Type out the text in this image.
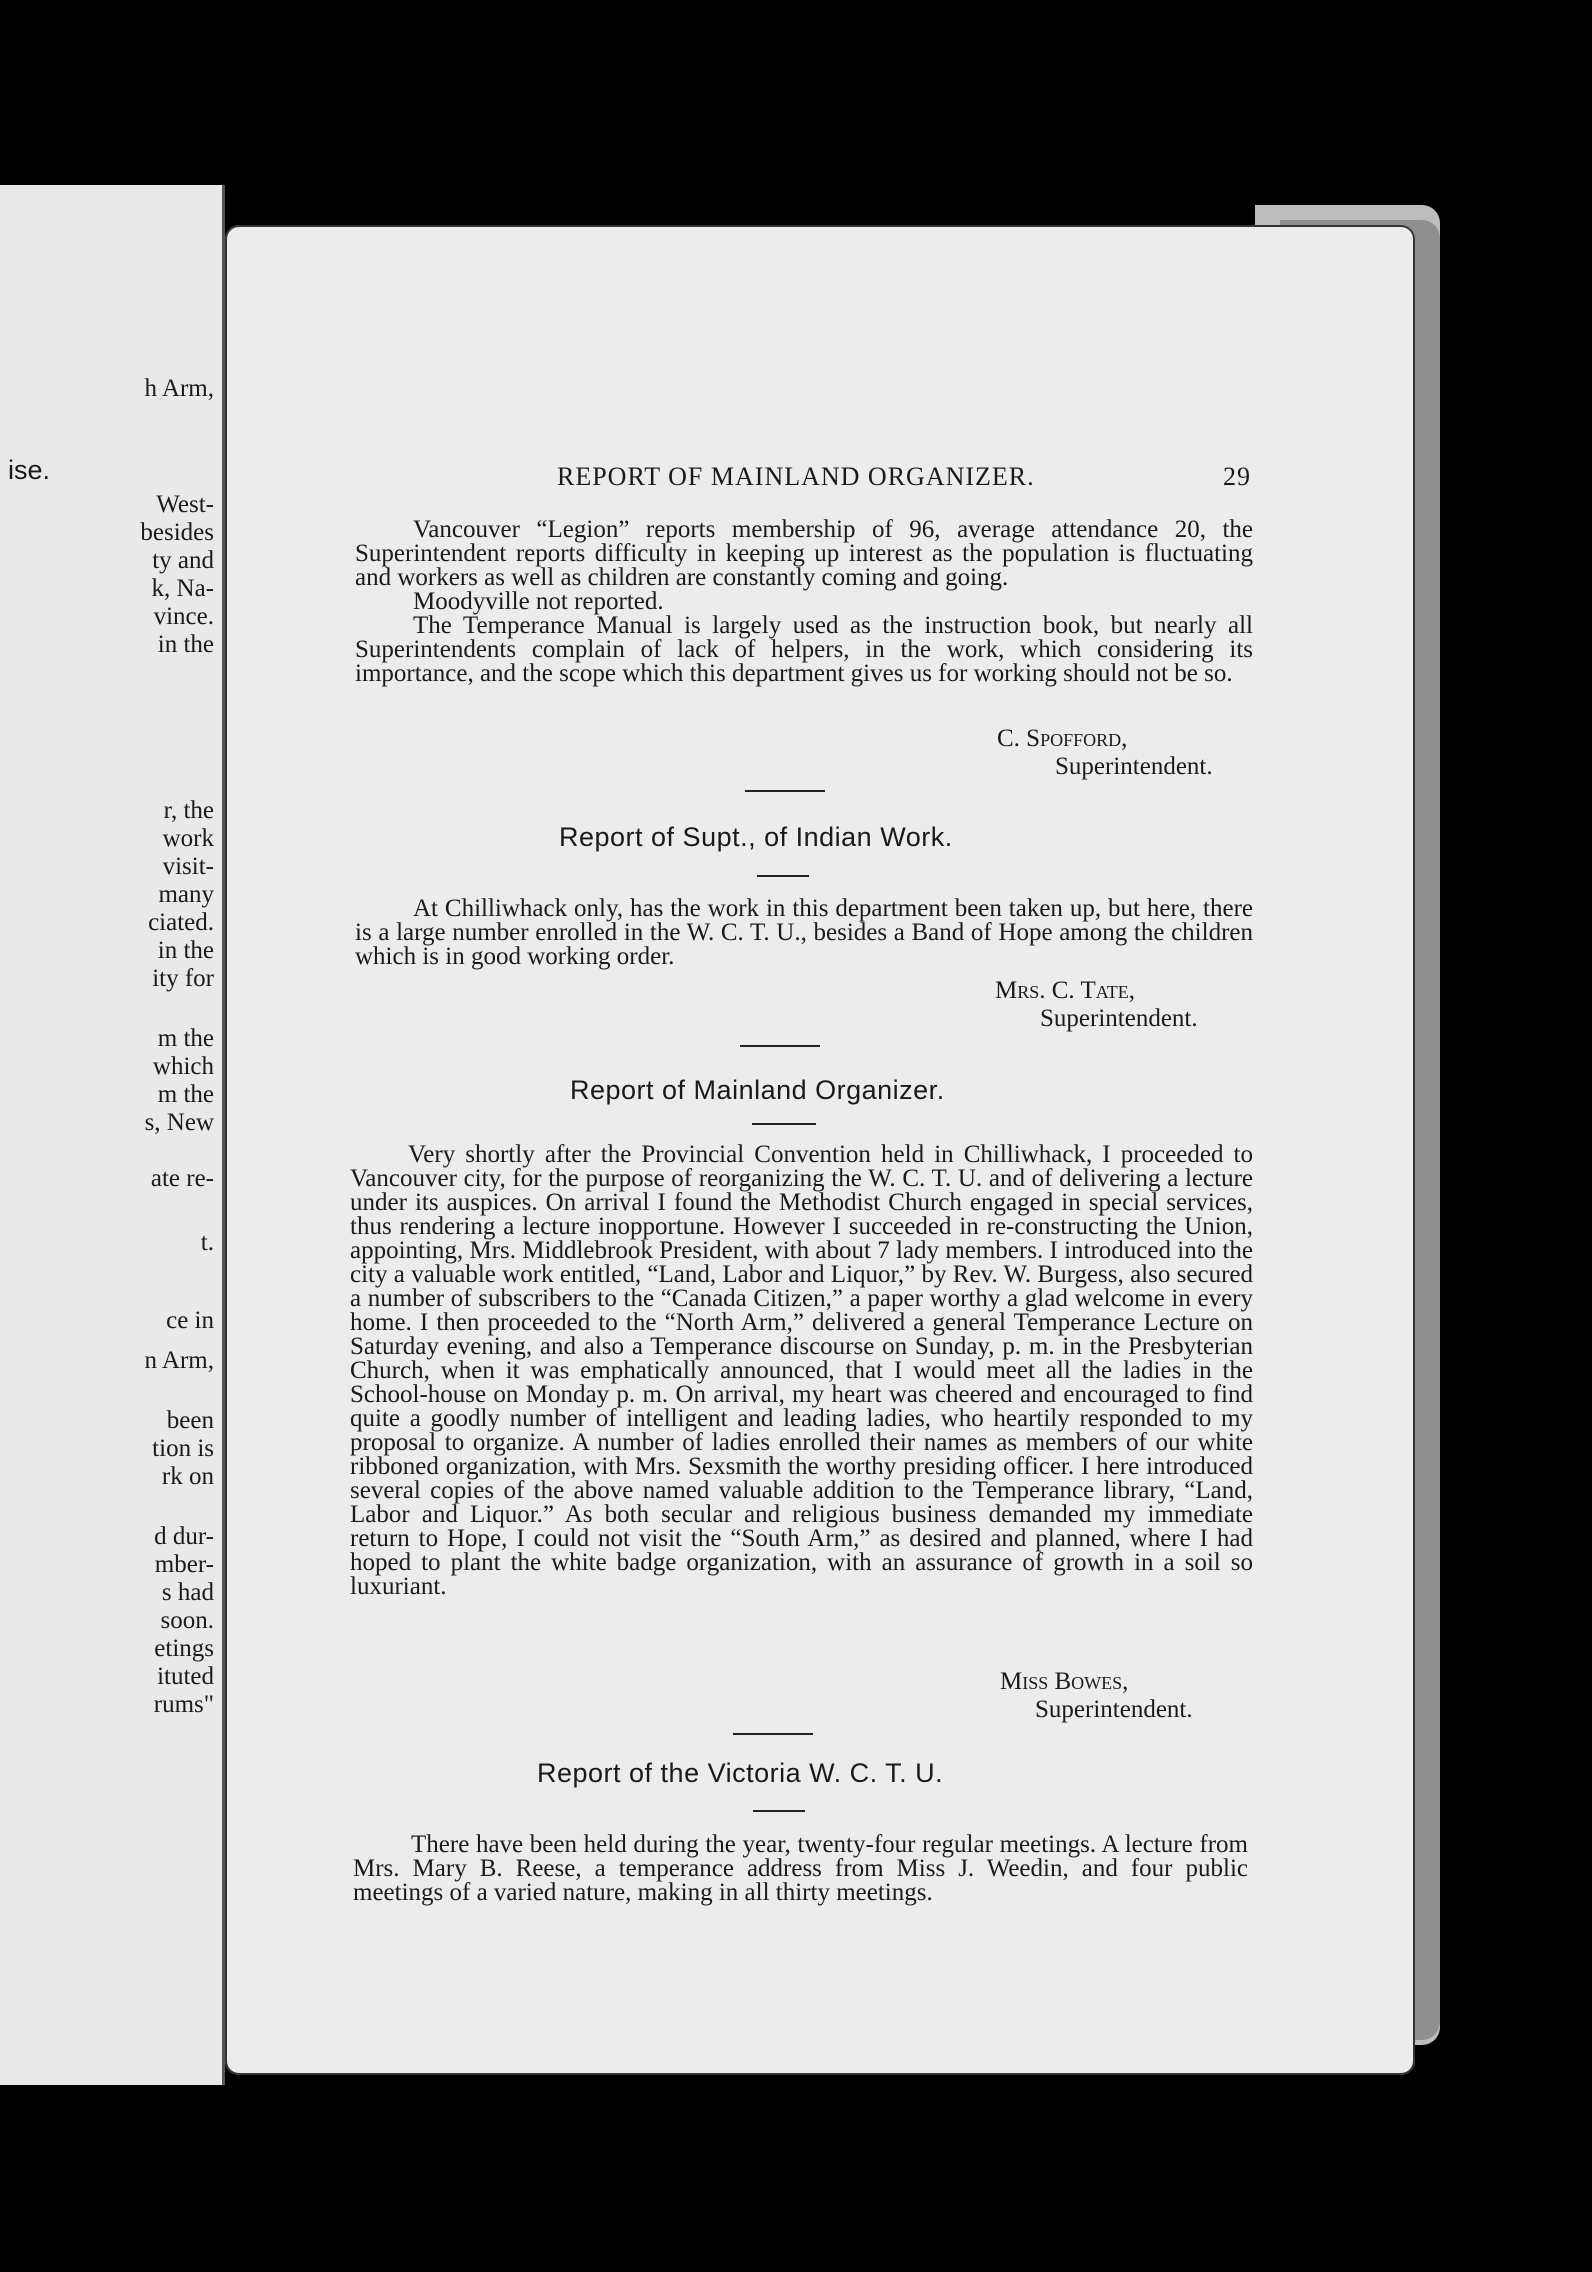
h Arm,
ise.
West-
besides
ty and
k, Na-
vince.
in the
r, the
work
visit-
many
ciated.
in the
ity for
m the
which
m the
s, New
ate re-
t.
ce in
n Arm,
been
tion is
rk on
d dur-
mber-
s had
soon.
etings
ituted
rums"
REPORT OF MAINLAND ORGANIZER.	29

Vancouver “Legion” reports membership of 96, average attendance 20, the Superintendent reports difficulty in keeping up interest as the population is fluctuating and workers as well as children are constantly coming and going.

Moodyville not reported.

The Temperance Manual is largely used as the instruction book, but nearly all Superintendents complain of lack of helpers, in the work, which considering its importance, and the scope which this department gives us for working should not be so.

C. Spofford,
Superintendent.
Report of Supt., of Indian Work.

At Chilliwhack only, has the work in this department been taken up, but here, there is a large number enrolled in the W. C. T. U., besides a Band of Hope among the children which is in good working order.

Mrs. C. Tate,
Superintendent.
Report of Mainland Organizer.

Very shortly after the Provincial Convention held in Chilliwhack, I proceeded to Vancouver city, for the purpose of reorganizing the W. C. T. U. and of delivering a lecture under its auspices. On arrival I found the Methodist Church engaged in special services, thus rendering a lecture inopportune. However I succeeded in re-constructing the Union, appointing, Mrs. Middlebrook President, with about 7 lady members. I introduced into the city a valuable work entitled, “Land, Labor and Liquor,” by Rev. W. Burgess, also secured a number of subscribers to the “Canada Citizen,” a paper worthy a glad welcome in every home. I then proceeded to the “North Arm,” delivered a general Temperance Lecture on Saturday evening, and also a Temperance discourse on Sunday, p. m. in the Presbyterian Church, when it was emphatically announced, that I would meet all the ladies in the School-house on Monday p. m. On arrival, my heart was cheered and encouraged to find quite a goodly number of intelligent and leading ladies, who heartily responded to my proposal to organize. A number of ladies enrolled their names as members of our white ribboned organization, with Mrs. Sexsmith the worthy presiding officer. I here introduced several copies of the above named valuable addition to the Temperance library, “Land, Labor and Liquor.” As both secular and religious business demanded my immediate return to Hope, I could not visit the “South Arm,” as desired and planned, where I had hoped to plant the white badge organization, with an assurance of growth in a soil so luxuriant.

Miss Bowes,
Superintendent.
Report of the Victoria W. C. T. U.

There have been held during the year, twenty-four regular meetings. A lecture from Mrs. Mary B. Reese, a temperance address from Miss J. Weedin, and four public meetings of a varied nature, making in all thirty meetings.
